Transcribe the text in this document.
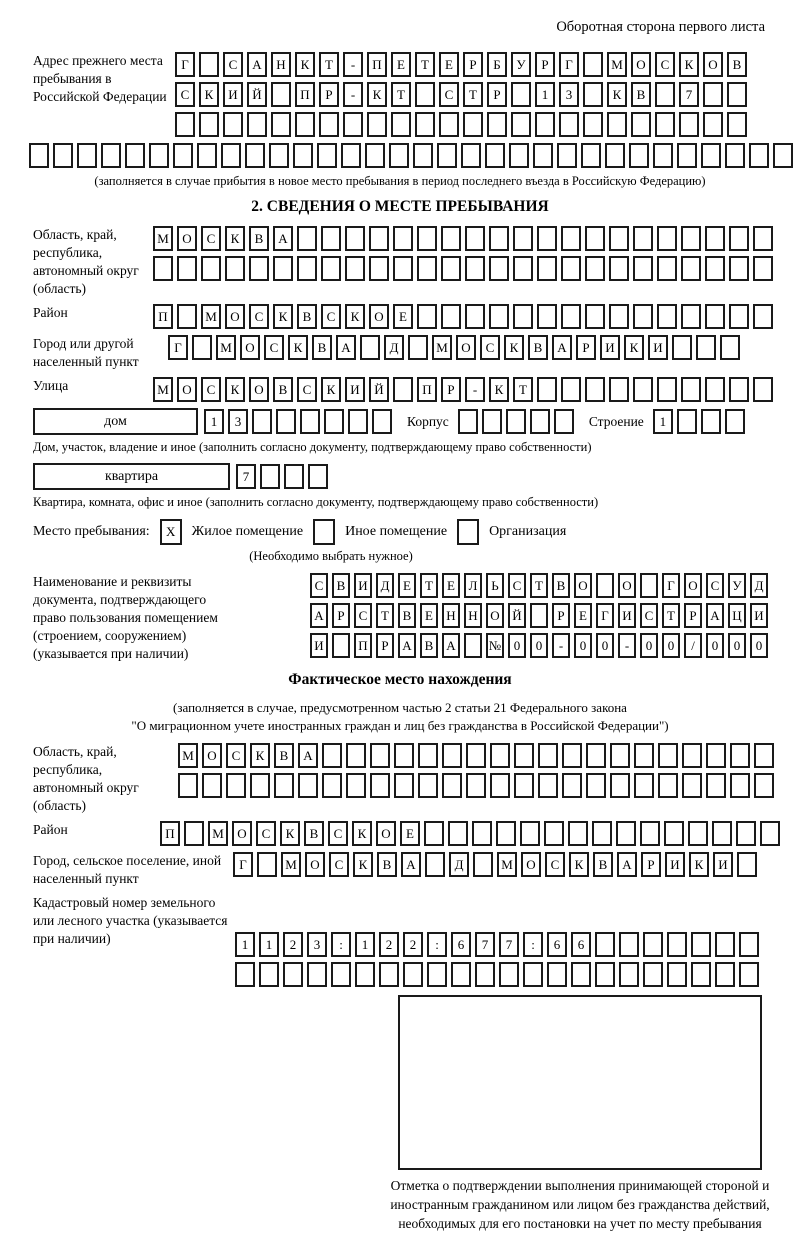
Оборотная сторона первого листа
Адрес прежнего места пребывания в Российской Федерации
Г	С	А	Н	К	Т	-	П	Е	Т	Е	Р	Б	У	Р	Г	М	О	С	К	О	В
С	К	И	Й	П	Р	-	К	Т	С	Т	Р	1	3	К	В	7
(заполняется в случае прибытия в новое место пребывания в период последнего въезда в Российскую Федерацию)
2. СВЕДЕНИЯ О МЕСТЕ ПРЕБЫВАНИЯ
Область, край, республика, автономный округ (область)
М	О	С	К	В	А
Район	П	М	О	С	К	В	С	К	О	Е
Город или другой населенный пункт
Г	М	О	С	К	В	А	Д	М	О	С	К	В	А	Р	И	К	И
Улица	М	О	С	К	О	В	С	К	И	Й	П	Р	-	К	Т
дом	1	3	Корпус	Строение	1
Дом, участок, владение и иное (заполнить согласно документу, подтверждающему право собственности)
квартира	7
Квартира, комната, офис и иное (заполнить согласно документу, подтверждающему право собственности)
Место пребывания:	X	Жилое помещение	Иное помещение	Организация
(Необходимо выбрать нужное)
Наименование и реквизиты документа, подтверждающего право пользования помещением (строением, сооружением) (указывается при наличии)
С	В И Д	Е	Т	Е	Л	Ь	С	Т	В О	О	Г	О С	У Д
А	Р	С	Т	В	Е	Н Н О Й	Р	Е	Г	И С	Т	Р	А Ц И
И	П	Р	А В А	№ 0	0	-	0	0	-	0	0	/	0	0	0
Фактическое место нахождения
(заполняется в случае, предусмотренном частью 2 статьи 21 Федерального закона
"О миграционном учете иностранных граждан и лиц без гражданства в Российской Федерации")
Область, край, республика, автономный округ (область)
М	О	С	К	В	А
Район	П	М	О	С	К	В	С	К	О	Е
Город, сельское поселение, иной населенный пункт
Г	М	О	С	К	В	А	Д	М	О	С	К	В	А	Р	И	К	И
Кадастровый номер земельного или лесного участка (указывается при наличии)	1	1	2	3	:	1	2	2	:	6	7	7	:	6	6
Отметка о подтверждении выполнения принимающей стороной и иностранным гражданином или лицом без гражданства действий, необходимых для его постановки на учет по месту пребывания
